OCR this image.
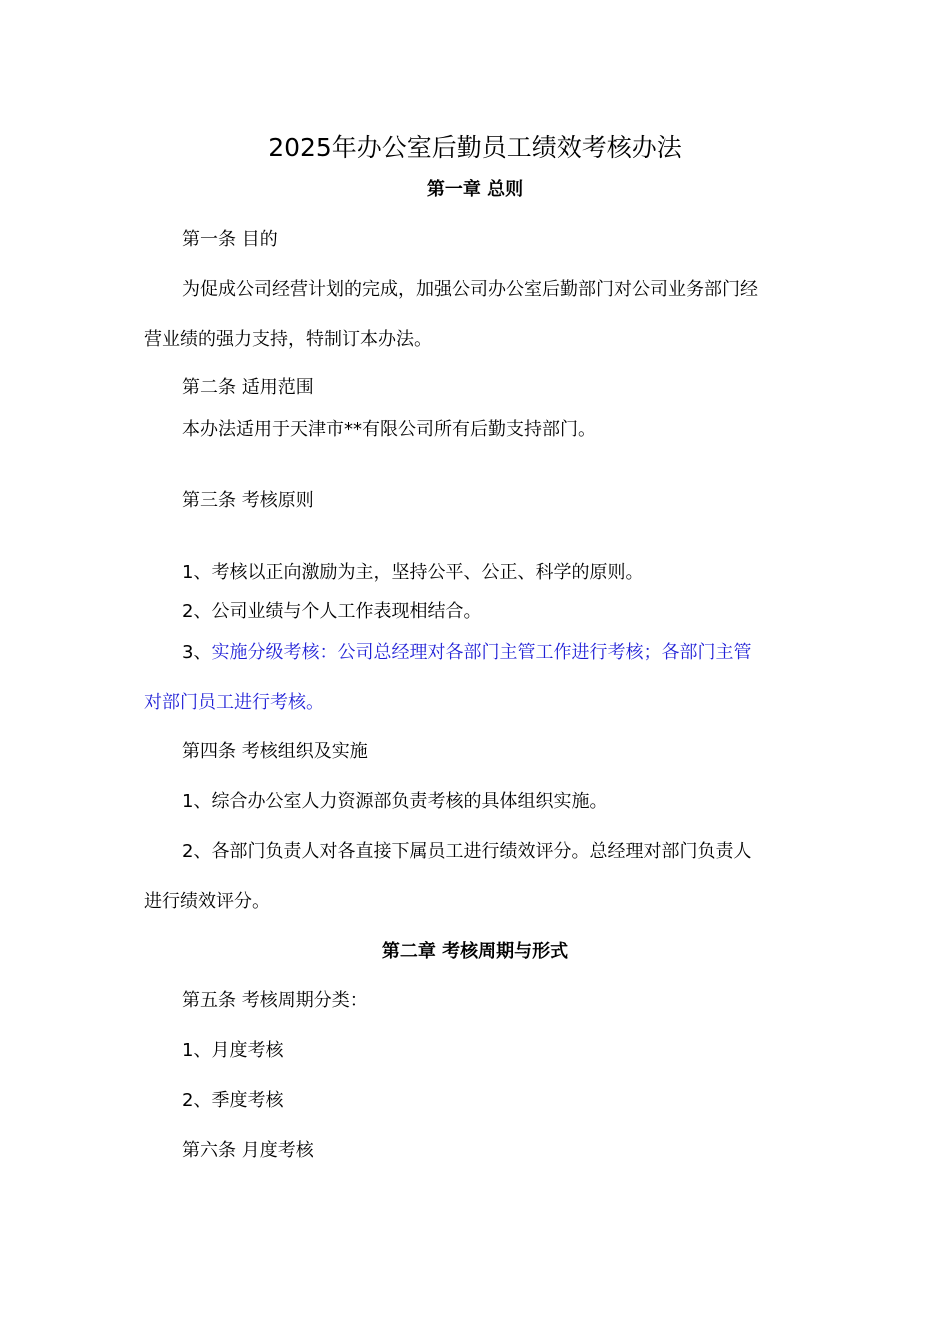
2025年办公室后勤员工绩效考核办法
第一章 总则
第一条 目的
为促成公司经营计划的完成，加强公司办公室后勤部门对公司业务部门经
营业绩的强力支持，特制订本办法。
第二条 适用范围
本办法适用于天津市**有限公司所有后勤支持部门。
第三条 考核原则
1、考核以正向激励为主，坚持公平、公正、科学的原则。
2、公司业绩与个人工作表现相结合。
3、实施分级考核：公司总经理对各部门主管工作进行考核；各部门主管
对部门员工进行考核。
第四条 考核组织及实施
1、综合办公室人力资源部负责考核的具体组织实施。
2、各部门负责人对各直接下属员工进行绩效评分。总经理对部门负责人
进行绩效评分。
第二章 考核周期与形式
第五条 考核周期分类：
1、月度考核
2、季度考核
第六条 月度考核
